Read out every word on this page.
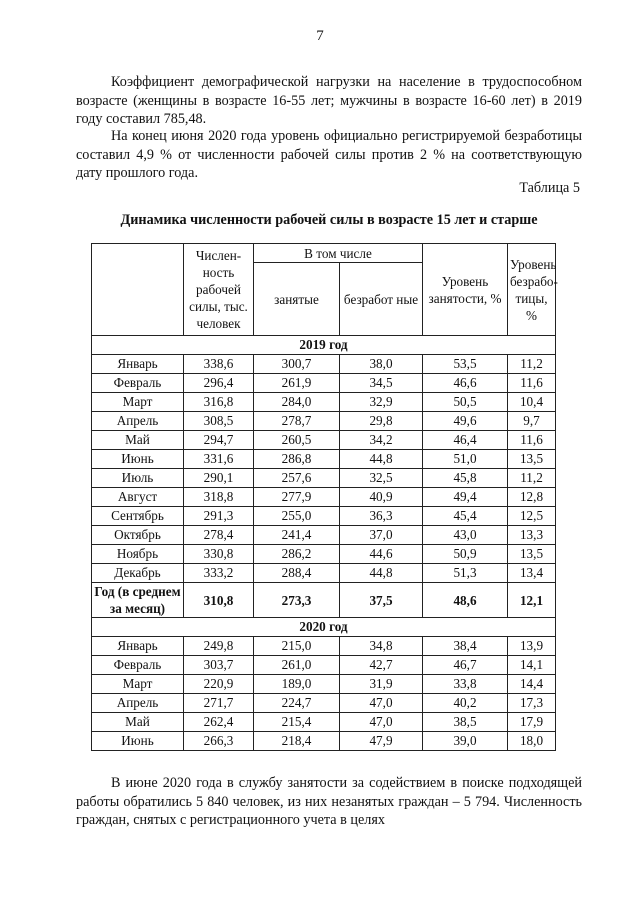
7

Коэффициент демографической нагрузки на население в трудоспособном возрасте (женщины в возрасте 16-55 лет; мужчины в возрасте 16-60 лет) в 2019 году составил 785,48.

На конец июня 2020 года уровень официально регистрируемой безработицы составил 4,9 % от численности рабочей силы против 2 % на соответствующую дату прошлого года.

Таблица 5
Динамика численности рабочей силы в возрасте 15 лет и старше
	Числен-ность рабочей силы, тыс. человек	В том числе		Уровень занятости, %	Уровень безрабо-тицы, %
		занятые	безработ ные		
2019 год					
Январь	338,6	300,7	38,0	53,5	11,2
Февраль	296,4	261,9	34,5	46,6	11,6
Март	316,8	284,0	32,9	50,5	10,4
Апрель	308,5	278,7	29,8	49,6	9,7
Май	294,7	260,5	34,2	46,4	11,6
Июнь	331,6	286,8	44,8	51,0	13,5
Июль	290,1	257,6	32,5	45,8	11,2
Август	318,8	277,9	40,9	49,4	12,8
Сентябрь	291,3	255,0	36,3	45,4	12,5
Октябрь	278,4	241,4	37,0	43,0	13,3
Ноябрь	330,8	286,2	44,6	50,9	13,5
Декабрь	333,2	288,4	44,8	51,3	13,4
Год (в среднем за месяц)	310,8	273,3	37,5	48,6	12,1
2020 год					
Январь	249,8	215,0	34,8	38,4	13,9
Февраль	303,7	261,0	42,7	46,7	14,1
Март	220,9	189,0	31,9	33,8	14,4
Апрель	271,7	224,7	47,0	40,2	17,3
Май	262,4	215,4	47,0	38,5	17,9
Июнь	266,3	218,4	47,9	39,0	18,0

В июне 2020 года в службу занятости за содействием в поиске подходящей работы обратились 5 840 человек, из них незанятых граждан – 5 794. Численность граждан, снятых с регистрационного учета в целях
